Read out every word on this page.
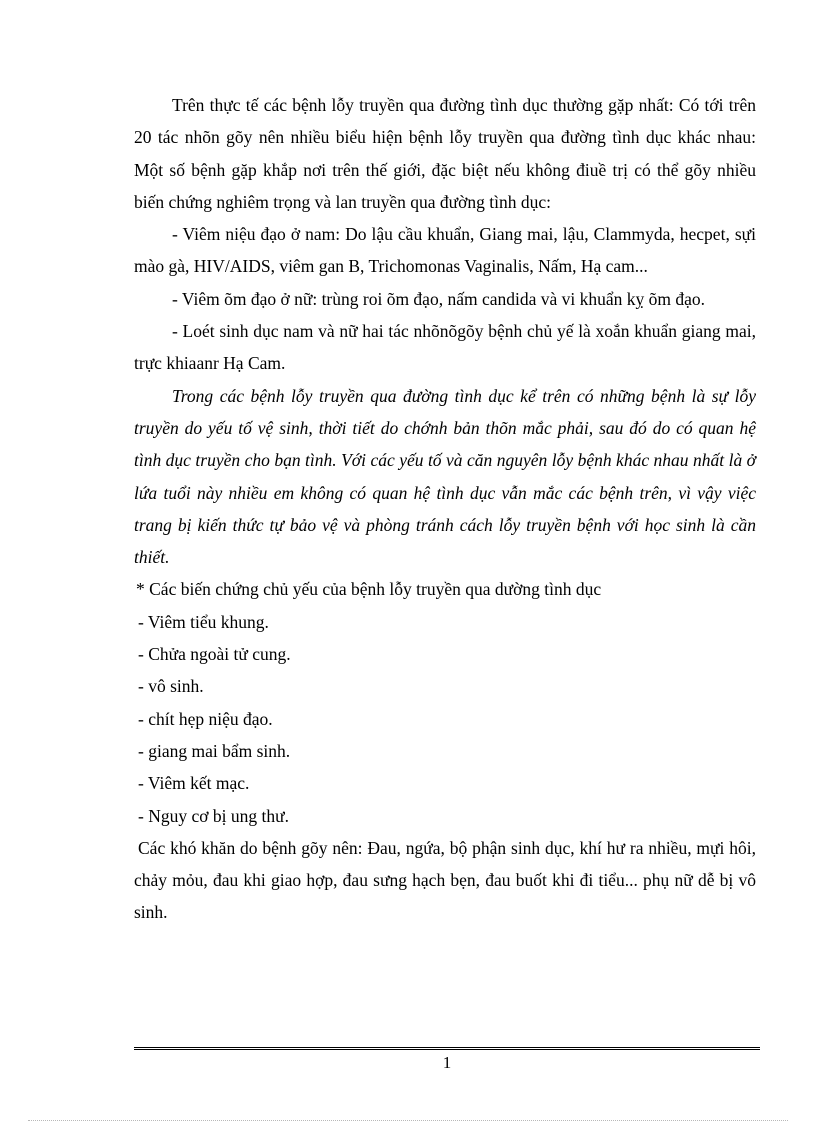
Trên thực tế các bệnh lỗy truyền qua đường tình dục thường gặp nhất: Có tới trên 20 tác nhõn gõy nên nhiều biểu hiện bệnh lỗy truyền qua đường tình dục khác nhau: Một số bệnh gặp khắp nơi trên thế giới, đặc biệt nếu không điuề trị có thể gõy nhiều biến chứng nghiêm trọng và lan truyền qua đường tình dục:

- Viêm niệu đạo ở nam: Do lậu cầu khuẩn, Giang mai, lậu, Clammyda, hecpet, sựi mào gà, HIV/AIDS, viêm gan B, Trichomonas Vaginalis, Nấm, Hạ cam...

- Viêm õm đạo ở nữ: trùng roi õm đạo, nấm candida và vi khuẩn kỵ õm đạo.

- Loét sinh dục nam và nữ hai tác nhõnõgõy bệnh chủ yế là xoắn khuẩn giang mai, trực khiaanr Hạ Cam.

Trong các bệnh lỗy truyền qua đường tình dục kể trên có những bệnh là sự lỗy truyền do yếu tố vệ sinh, thời tiết do chớnh bản thõn mắc phải, sau đó do có quan hệ tình dục truyền cho bạn tình. Với các yếu tố và căn nguyên lỗy bệnh khác nhau nhất là ở lứa tuổi này nhiều em không có quan hệ tình dục vẫn mắc các bệnh trên, vì vậy việc trang bị kiến thức tự bảo vệ và phòng tránh cách lỗy truyền bệnh với học sinh là cần thiết.

* Các biến chứng chủ yếu của bệnh lỗy truyền qua dường tình dục

- Viêm tiểu khung.

- Chửa ngoài tử cung.

- vô sinh.

- chít hẹp niệu đạo.

- giang mai bẩm sinh.

- Viêm kết mạc.

- Nguy cơ bị ung thư.

Các khó khăn do bệnh gõy nên: Đau, ngứa, bộ phận sinh dục, khí hư ra nhiều, mựi hôi, chảy mỏu, đau khi giao hợp, đau sưng hạch bẹn, đau buốt khi đi tiểu... phụ nữ dễ bị vô sinh.

1
